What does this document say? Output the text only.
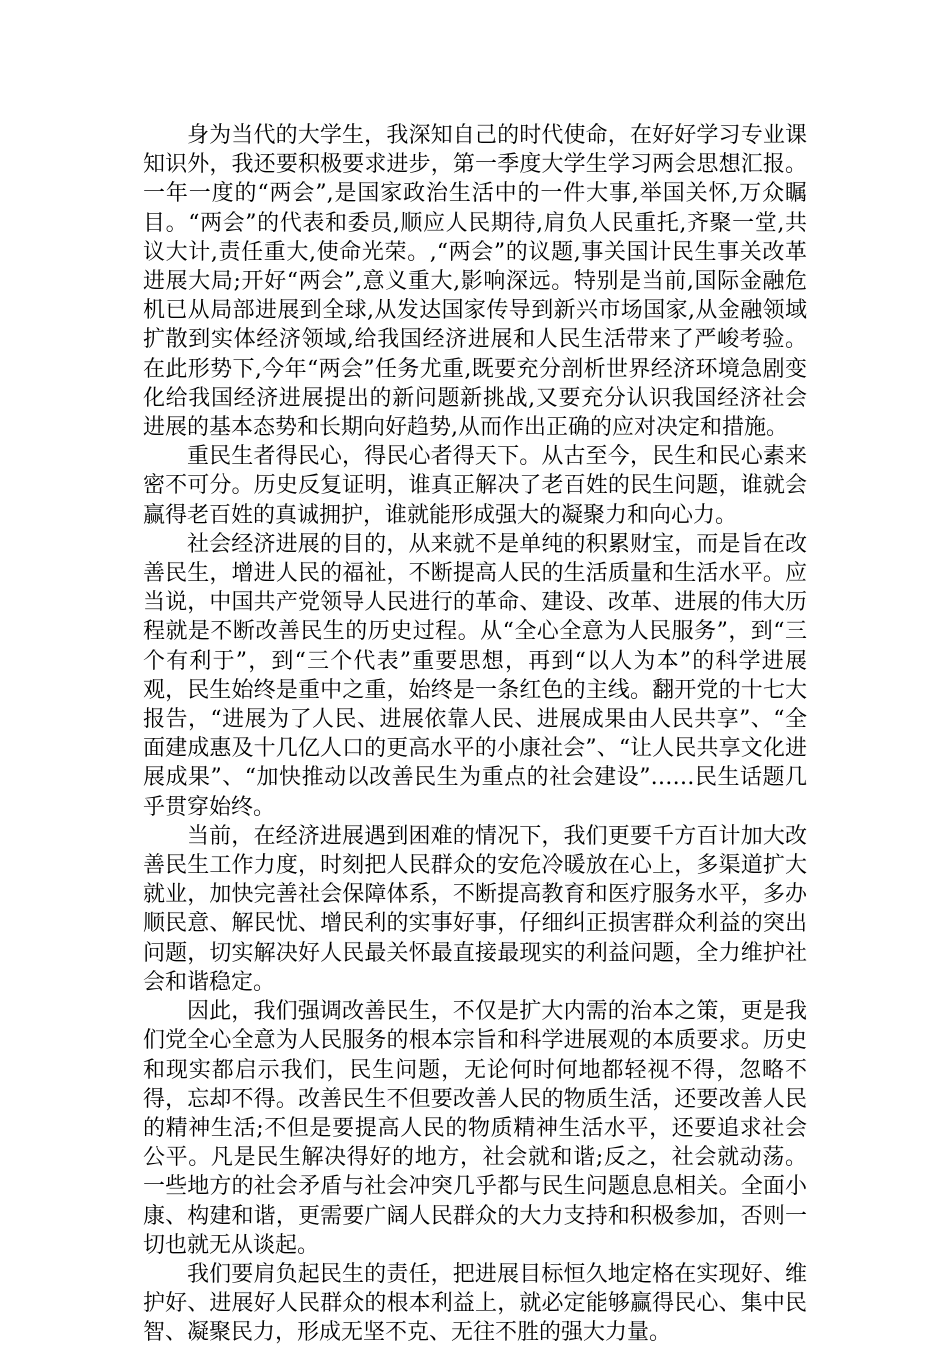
身为当代的大学生，我深知自己的时代使命，在好好学习专业课知识外，我还要积极要求进步，第一季度大学生学习两会思想汇报。一年一度的“两会”,是国家政治生活中的一件大事,举国关怀,万众瞩目。“两会”的代表和委员,顺应人民期待,肩负人民重托,齐聚一堂,共议大计,责任重大,使命光荣。,“两会”的议题,事关国计民生事关改革进展大局;开好“两会”,意义重大,影响深远。特别是当前,国际金融危机已从局部进展到全球,从发达国家传导到新兴市场国家,从金融领域扩散到实体经济领域,给我国经济进展和人民生活带来了严峻考验。在此形势下,今年“两会”任务尤重,既要充分剖析世界经济环境急剧变化给我国经济进展提出的新问题新挑战,又要充分认识我国经济社会进展的基本态势和长期向好趋势,从而作出正确的应对决定和措施。

重民生者得民心，得民心者得天下。从古至今，民生和民心素来密不可分。历史反复证明，谁真正解决了老百姓的民生问题，谁就会赢得老百姓的真诚拥护，谁就能形成强大的凝聚力和向心力。

社会经济进展的目的，从来就不是单纯的积累财宝，而是旨在改善民生，增进人民的福祉，不断提高人民的生活质量和生活水平。应当说，中国共产党领导人民进行的革命、建设、改革、进展的伟大历程就是不断改善民生的历史过程。从“全心全意为人民服务”，到“三个有利于”，到“三个代表”重要思想，再到“以人为本”的科学进展观，民生始终是重中之重，始终是一条红色的主线。翻开党的十七大报告，“进展为了人民、进展依靠人民、进展成果由人民共享”、“全面建成惠及十几亿人口的更高水平的小康社会”、“让人民共享文化进展成果”、“加快推动以改善民生为重点的社会建设”……民生话题几乎贯穿始终。

当前，在经济进展遇到困难的情况下，我们更要千方百计加大改善民生工作力度，时刻把人民群众的安危冷暖放在心上，多渠道扩大就业，加快完善社会保障体系，不断提高教育和医疗服务水平，多办顺民意、解民忧、增民利的实事好事，仔细纠正损害群众利益的突出问题，切实解决好人民最关怀最直接最现实的利益问题，全力维护社会和谐稳定。

因此，我们强调改善民生，不仅是扩大内需的治本之策，更是我们党全心全意为人民服务的根本宗旨和科学进展观的本质要求。历史和现实都启示我们，民生问题，无论何时何地都轻视不得，忽略不得，忘却不得。改善民生不但要改善人民的物质生活，还要改善人民的精神生活;不但是要提高人民的物质精神生活水平，还要追求社会公平。凡是民生解决得好的地方，社会就和谐;反之，社会就动荡。一些地方的社会矛盾与社会冲突几乎都与民生问题息息相关。全面小康、构建和谐，更需要广阔人民群众的大力支持和积极参加，否则一切也就无从谈起。

我们要肩负起民生的责任，把进展目标恒久地定格在实现好、维护好、进展好人民群众的根本利益上，就必定能够赢得民心、集中民智、凝聚民力，形成无坚不克、无往不胜的强大力量。
